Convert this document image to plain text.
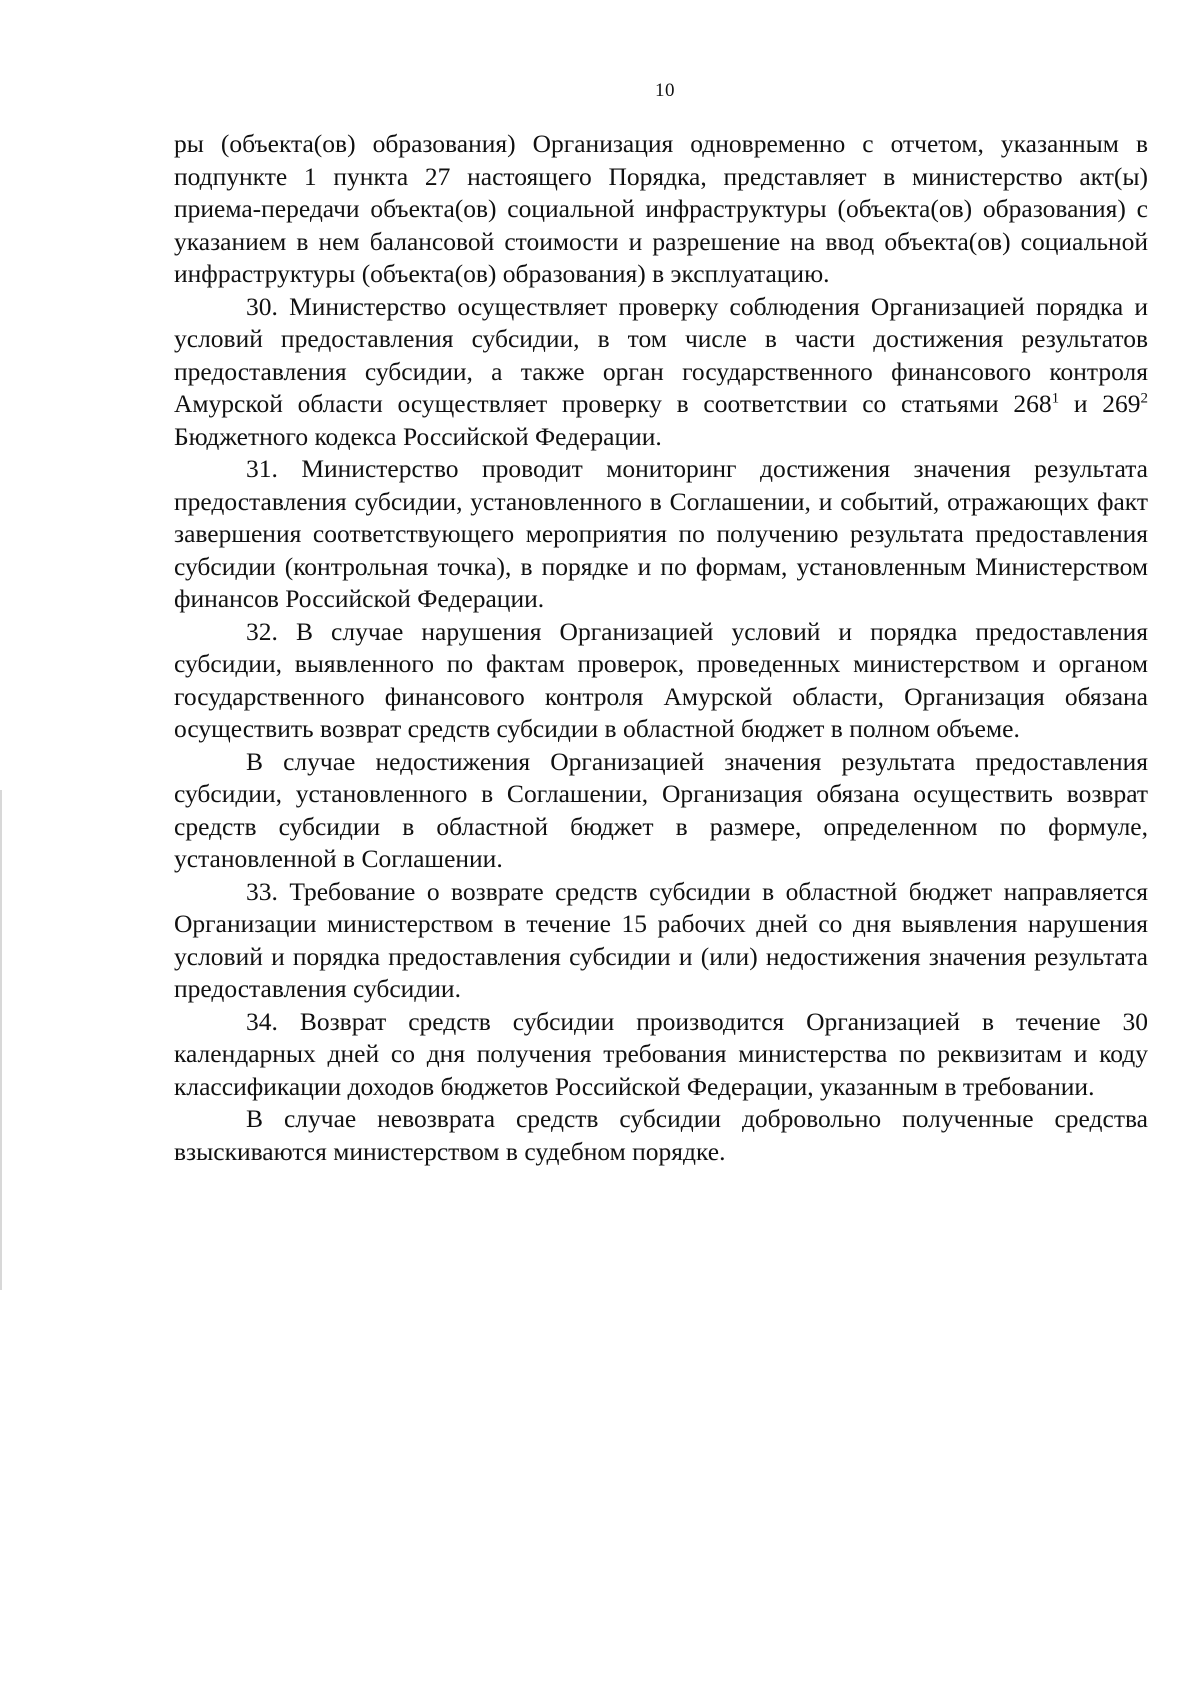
10

ры (объекта(ов) образования) Организация одновременно с отчетом, указанным в подпункте 1 пункта 27 настоящего Порядка, представляет в министерство акт(ы) приема-передачи объекта(ов) социальной инфраструктуры (объекта(ов) образования) с указанием в нем балансовой стоимости и разрешение на ввод объекта(ов) социальной инфраструктуры (объекта(ов) образования) в эксплуатацию.

30. Министерство осуществляет проверку соблюдения Организацией порядка и условий предоставления субсидии, в том числе в части достижения результатов предоставления субсидии, а также орган государственного финансового контроля Амурской области осуществляет проверку в соответствии со статьями $268^1$ и $269^2$ Бюджетного кодекса Российской Федерации.

31. Министерство проводит мониторинг достижения значения результата предоставления субсидии, установленного в Соглашении, и событий, отражающих факт завершения соответствующего мероприятия по получению результата предоставления субсидии (контрольная точка), в порядке и по формам, установленным Министерством финансов Российской Федерации.

32. В случае нарушения Организацией условий и порядка предоставления субсидии, выявленного по фактам проверок, проведенных министерством и органом государственного финансового контроля Амурской области, Организация обязана осуществить возврат средств субсидии в областной бюджет в полном объеме.

В случае недостижения Организацией значения результата предоставления субсидии, установленного в Соглашении, Организация обязана осуществить возврат средств субсидии в областной бюджет в размере, определенном по формуле, установленной в Соглашении.

33. Требование о возврате средств субсидии в областной бюджет направляется Организации министерством в течение 15 рабочих дней со дня выявления нарушения условий и порядка предоставления субсидии и (или) недостижения значения результата предоставления субсидии.

34. Возврат средств субсидии производится Организацией в течение 30 календарных дней со дня получения требования министерства по реквизитам и коду классификации доходов бюджетов Российской Федерации, указанным в требовании.

В случае невозврата средств субсидии добровольно полученные средства взыскиваются министерством в судебном порядке.
